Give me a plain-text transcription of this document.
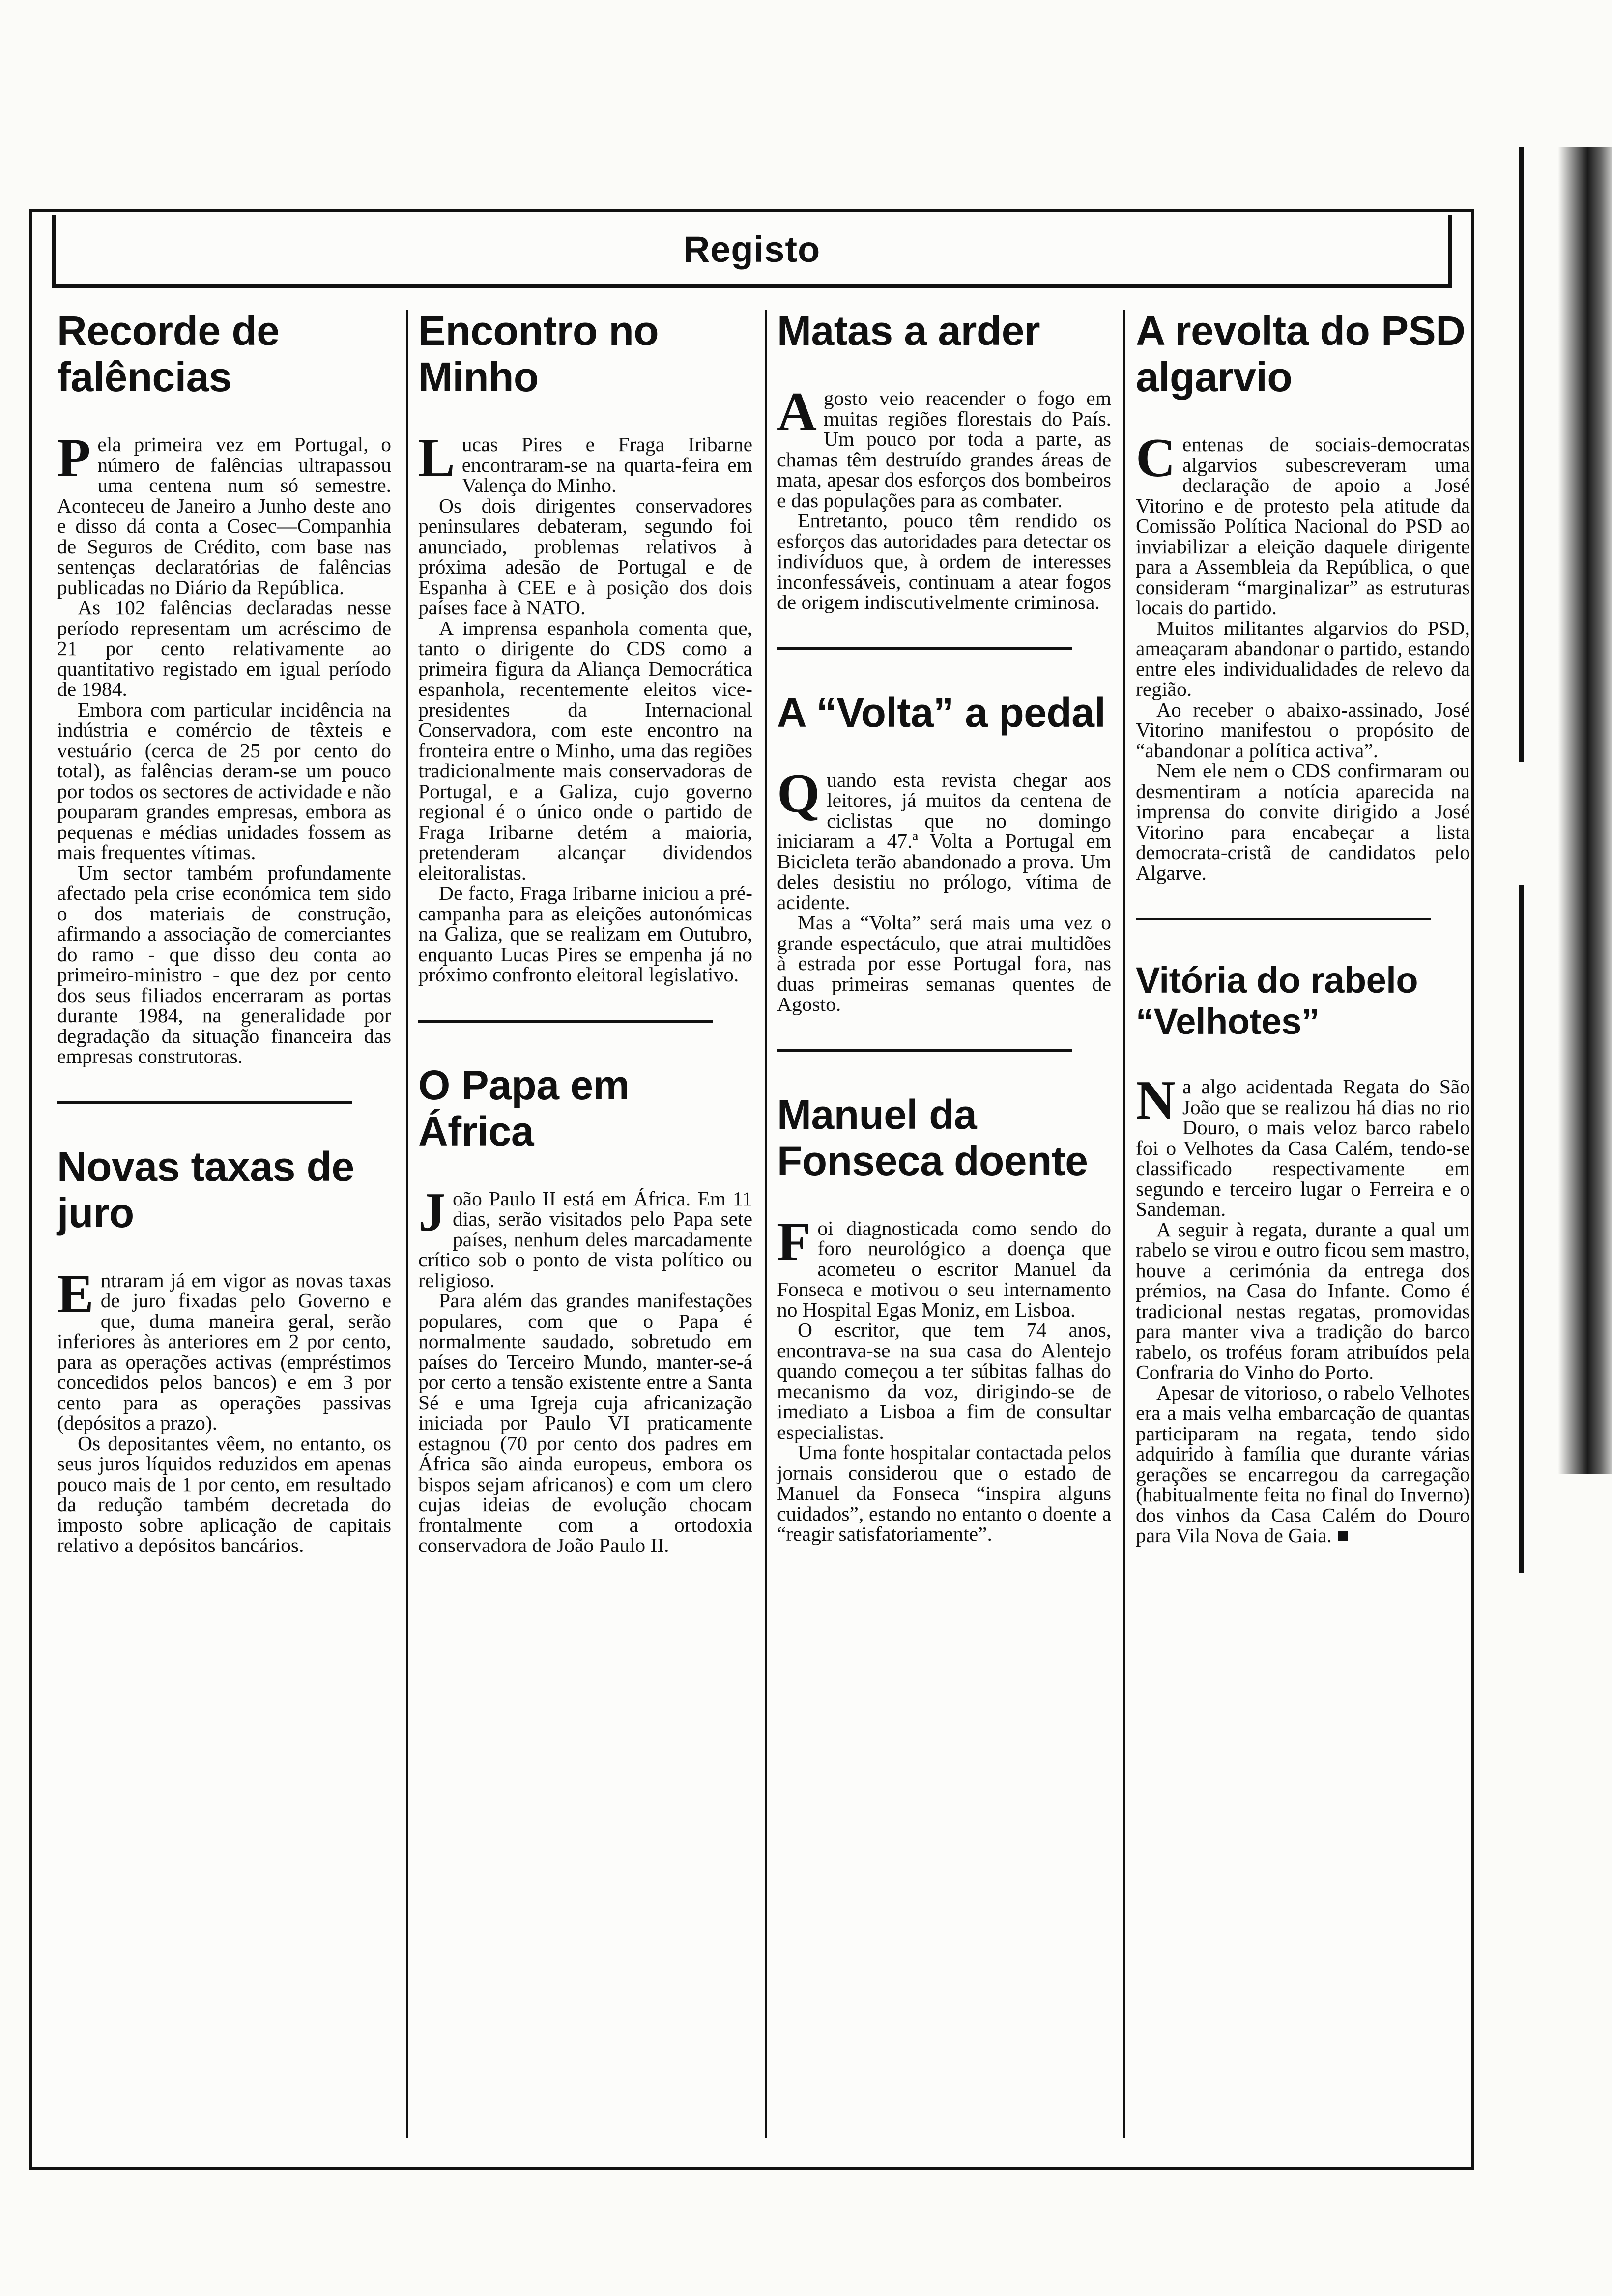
Registo
Recorde de falências

Pela primeira vez em Portugal, o número de falências ultrapassou uma centena num só semestre. Aconteceu de Janeiro a Junho deste ano e disso dá conta a Cosec—Companhia de Seguros de Crédito, com base nas sentenças declaratórias de falências publicadas no Diário da República.

As 102 falências declaradas nesse período representam um acréscimo de 21 por cento relativamente ao quantitativo registado em igual período de 1984.

Embora com particular incidência na indústria e comércio de têxteis e vestuário (cerca de 25 por cento do total), as falências deram-se um pouco por todos os sectores de actividade e não pouparam grandes empresas, embora as pequenas e médias unidades fossem as mais frequentes vítimas.

Um sector também profundamente afectado pela crise económica tem sido o dos materiais de construção, afirmando a associação de comerciantes do ramo - que disso deu conta ao primeiro-ministro - que dez por cento dos seus filiados encerraram as portas durante 1984, na generalidade por degradação da situação financeira das empresas construtoras.

Novas taxas de juro

Entraram já em vigor as novas taxas de juro fixadas pelo Governo e que, duma maneira geral, serão inferiores às anteriores em 2 por cento, para as operações activas (empréstimos concedidos pelos bancos) e em 3 por cento para as operações passivas (depósitos a prazo).

Os depositantes vêem, no entanto, os seus juros líquidos reduzidos em apenas pouco mais de 1 por cento, em resultado da redução também decretada do imposto sobre aplicação de capitais relativo a depósitos bancários.

Encontro no Minho

Lucas Pires e Fraga Iribarne encontraram-se na quarta-feira em Valença do Minho.

Os dois dirigentes conservadores peninsulares debateram, segundo foi anunciado, problemas relativos à próxima adesão de Portugal e de Espanha à CEE e à posição dos dois países face à NATO.

A imprensa espanhola comenta que, tanto o dirigente do CDS como a primeira figura da Aliança Democrática espanhola, recentemente eleitos vice-presidentes da Internacional Conservadora, com este encontro na fronteira entre o Minho, uma das regiões tradicionalmente mais conservadoras de Portugal, e a Galiza, cujo governo regional é o único onde o partido de Fraga Iribarne detém a maioria, pretenderam alcançar dividendos eleitoralistas.

De facto, Fraga Iribarne iniciou a pré-campanha para as eleições autonómicas na Galiza, que se realizam em Outubro, enquanto Lucas Pires se empenha já no próximo confronto eleitoral legislativo.

O Papa em África

João Paulo II está em África. Em 11 dias, serão visitados pelo Papa sete países, nenhum deles marcadamente crítico sob o ponto de vista político ou religioso.

Para além das grandes manifestações populares, com que o Papa é normalmente saudado, sobretudo em países do Terceiro Mundo, manter-se-á por certo a tensão existente entre a Santa Sé e uma Igreja cuja africanização iniciada por Paulo VI praticamente estagnou (70 por cento dos padres em África são ainda europeus, embora os bispos sejam africanos) e com um clero cujas ideias de evolução chocam frontalmente com a ortodoxia conservadora de João Paulo II.

Matas a arder

Agosto veio reacender o fogo em muitas regiões florestais do País. Um pouco por toda a parte, as chamas têm destruído grandes áreas de mata, apesar dos esforços dos bombeiros e das populações para as combater.

Entretanto, pouco têm rendido os esforços das autoridades para detectar os indivíduos que, à ordem de interesses inconfessáveis, continuam a atear fogos de origem indiscutivelmente criminosa.

A “Volta” a pedal

Quando esta revista chegar aos leitores, já muitos da centena de ciclistas que no domingo iniciaram a 47.ª Volta a Portugal em Bicicleta terão abandonado a prova. Um deles desistiu no prólogo, vítima de acidente.

Mas a “Volta” será mais uma vez o grande espectáculo, que atrai multidões à estrada por esse Portugal fora, nas duas primeiras semanas quentes de Agosto.

Manuel da Fonseca doente

Foi diagnosticada como sendo do foro neurológico a doença que acometeu o escritor Manuel da Fonseca e motivou o seu internamento no Hospital Egas Moniz, em Lisboa.

O escritor, que tem 74 anos, encontrava-se na sua casa do Alentejo quando começou a ter súbitas falhas do mecanismo da voz, dirigindo-se de imediato a Lisboa a fim de consultar especialistas.

Uma fonte hospitalar contactada pelos jornais considerou que o estado de Manuel da Fonseca “inspira alguns cuidados”, estando no entanto o doente a “reagir satisfatoriamente”.

A revolta do PSD algarvio

Centenas de sociais-democratas algarvios subescreveram uma declaração de apoio a José Vitorino e de protesto pela atitude da Comissão Política Nacional do PSD ao inviabilizar a eleição daquele dirigente para a Assembleia da República, o que consideram “marginalizar” as estruturas locais do partido.

Muitos militantes algarvios do PSD, ameaçaram abandonar o partido, estando entre eles individualidades de relevo da região.

Ao receber o abaixo-assinado, José Vitorino manifestou o propósito de “abandonar a política activa”.

Nem ele nem o CDS confirmaram ou desmentiram a notícia aparecida na imprensa do convite dirigido a José Vitorino para encabeçar a lista democrata-cristã de candidatos pelo Algarve.

Vitória do rabelo “Velhotes”

Na algo acidentada Regata do São João que se realizou há dias no rio Douro, o mais veloz barco rabelo foi o Velhotes da Casa Calém, tendo-se classificado respectivamente em segundo e terceiro lugar o Ferreira e o Sandeman.

A seguir à regata, durante a qual um rabelo se virou e outro ficou sem mastro, houve a cerimónia da entrega dos prémios, na Casa do Infante. Como é tradicional nestas regatas, promovidas para manter viva a tradição do barco rabelo, os troféus foram atribuídos pela Confraria do Vinho do Porto.

Apesar de vitorioso, o rabelo Velhotes era a mais velha embarcação de quantas participaram na regata, tendo sido adquirido à família que durante várias gerações se encarregou da carregação (habitualmente feita no final do Inverno) dos vinhos da Casa Calém do Douro para Vila Nova de Gaia. ■
